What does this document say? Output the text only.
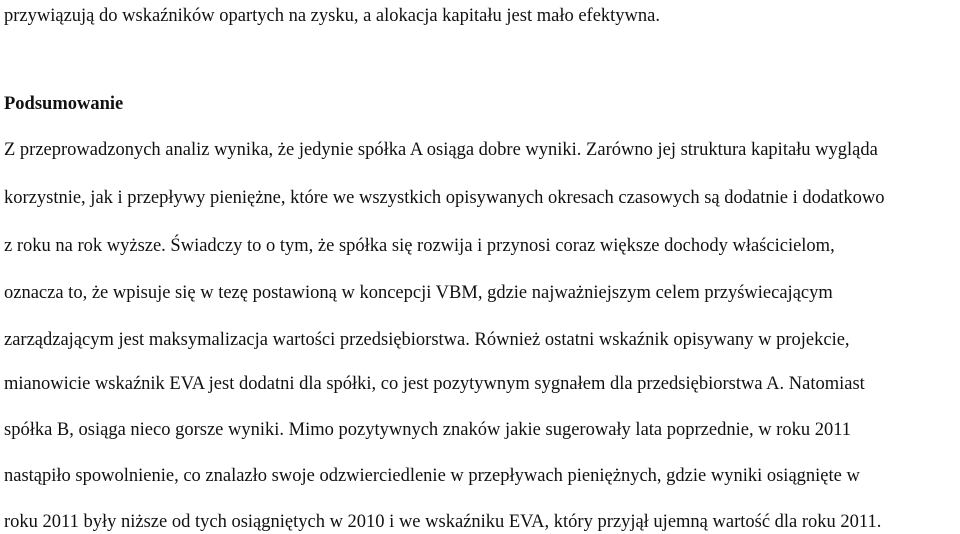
przywiązują do wskaźników opartych na zysku, a alokacja kapitału jest mało efektywna.
Podsumowanie
Z przeprowadzonych analiz wynika, że jedynie spółka A osiąga dobre wyniki. Zarówno jej struktura kapitału wygląda
korzystnie, jak i przepływy pieniężne, które we wszystkich opisywanych okresach czasowych są dodatnie i dodatkowo
z roku na rok wyższe. Świadczy to o tym, że spółka się rozwija i przynosi coraz większe dochody właścicielom,
oznacza to, że wpisuje się w tezę postawioną w koncepcji VBM, gdzie najważniejszym celem przyświecającym
zarządzającym jest maksymalizacja wartości przedsiębiorstwa. Również ostatni wskaźnik opisywany w projekcie,
mianowicie wskaźnik EVA jest dodatni dla spółki, co jest pozytywnym sygnałem dla przedsiębiorstwa A. Natomiast
spółka B, osiąga nieco gorsze wyniki. Mimo pozytywnych znaków jakie sugerowały lata poprzednie, w roku 2011
nastąpiło spowolnienie, co znalazło swoje odzwierciedlenie w przepływach pieniężnych, gdzie wyniki osiągnięte w
roku 2011 były niższe od tych osiągniętych w 2010 i we wskaźniku EVA, który przyjął ujemną wartość dla roku 2011.
